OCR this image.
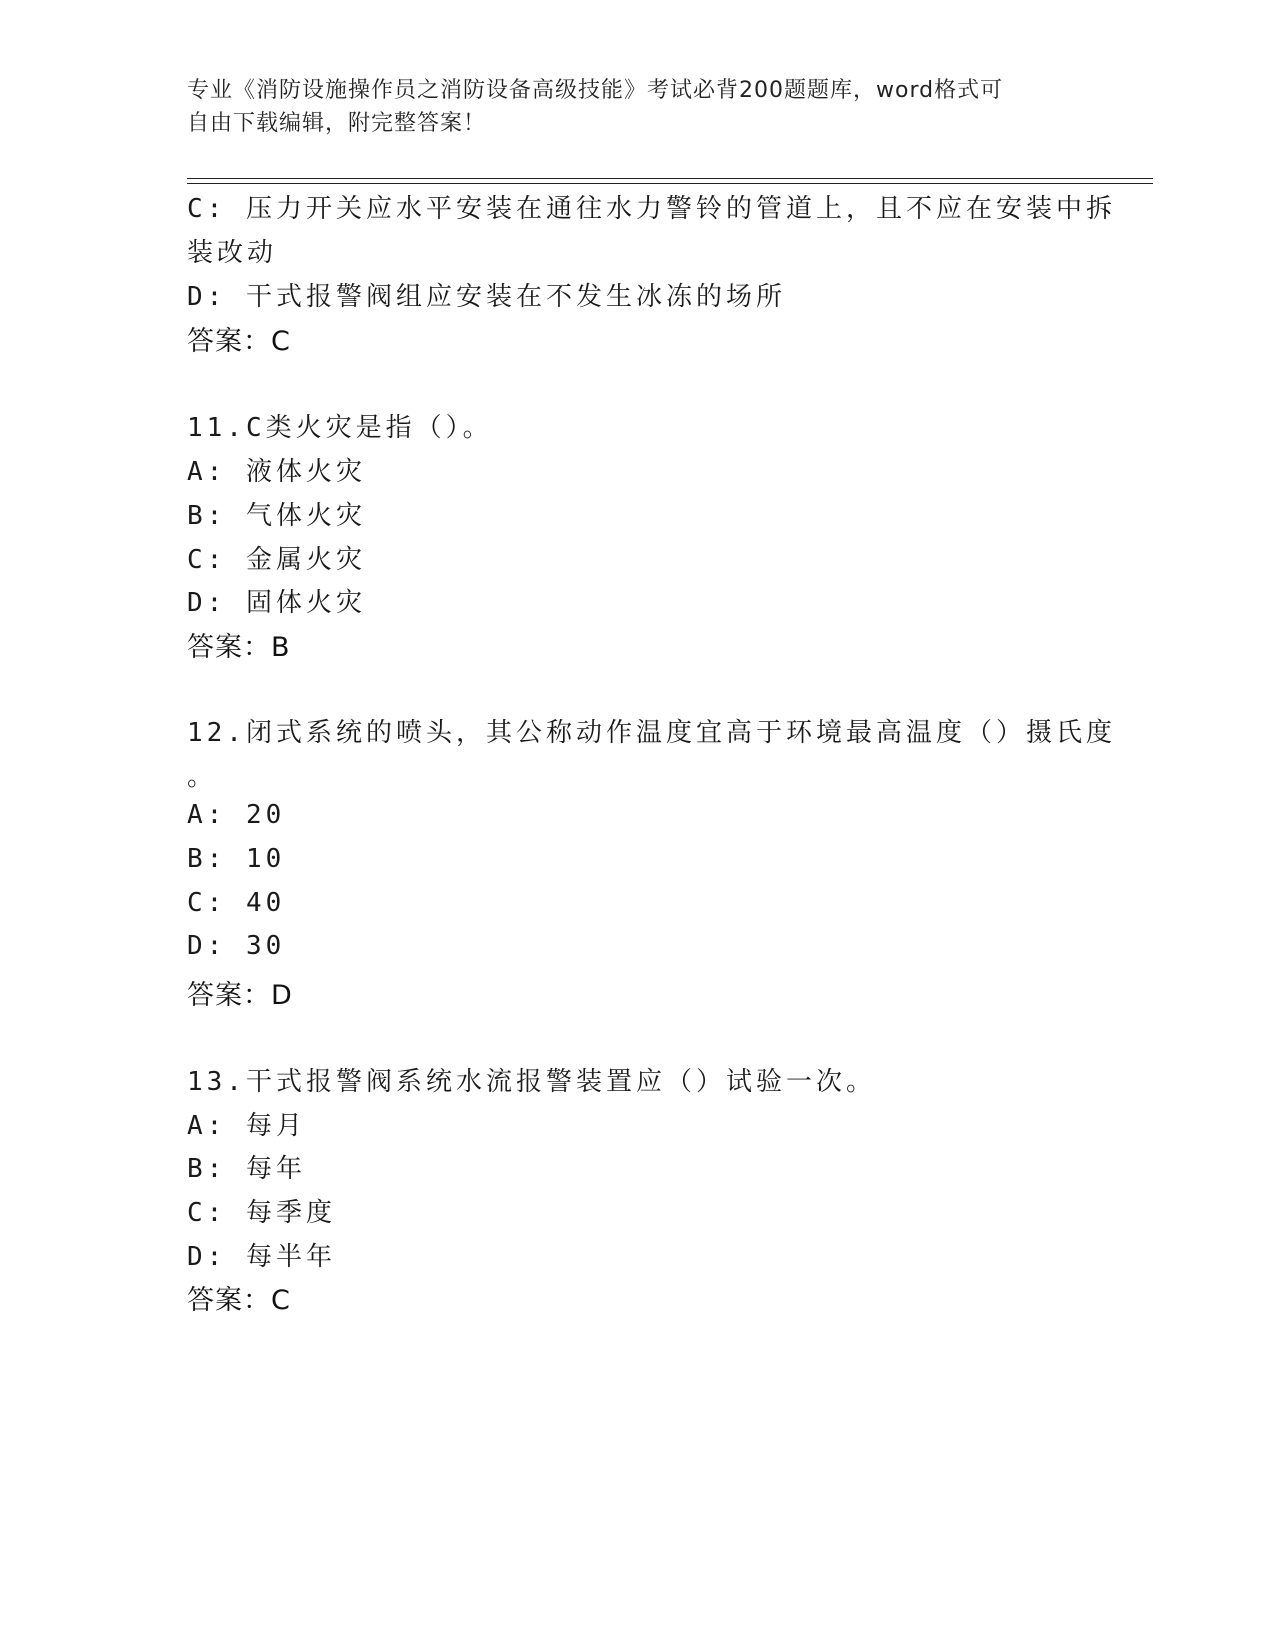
专业《消防设施操作员之消防设备高级技能》考试必背200题题库，word格式可
自由下载编辑，附完整答案！
C: 压力开关应水平安装在通往水力警铃的管道上，且不应在安装中拆
装改动
D: 干式报警阀组应安装在不发生冰冻的场所
答案：C
11.C类火灾是指（）。
A: 液体火灾
B: 气体火灾
C: 金属火灾
D: 固体火灾
答案：B
12.闭式系统的喷头，其公称动作温度宜高于环境最高温度（）摄氏度
。
A: 20
B: 10
C: 40
D: 30
答案：D
13.干式报警阀系统水流报警装置应（）试验一次。
A: 每月
B: 每年
C: 每季度
D: 每半年
答案：C
